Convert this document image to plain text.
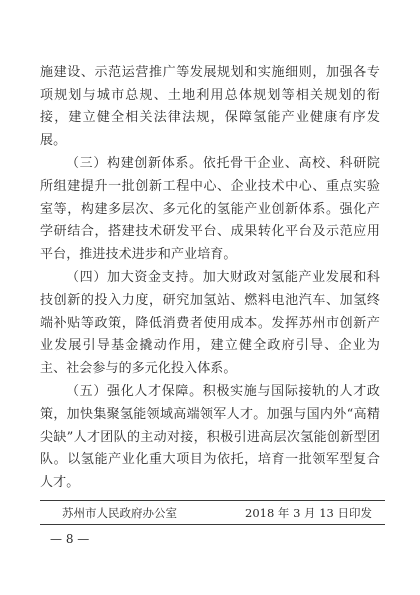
施建设、示范运营推广等发展规划和实施细则，加强各专项规划与城市总规、土地利用总体规划等相关规划的衔接，建立健全相关法律法规，保障氢能产业健康有序发展。

（三）构建创新体系。依托骨干企业、高校、科研院所组建提升一批创新工程中心、企业技术中心、重点实验室等，构建多层次、多元化的氢能产业创新体系。强化产学研结合，搭建技术研发平台、成果转化平台及示范应用平台，推进技术进步和产业培育。

（四）加大资金支持。加大财政对氢能产业发展和科技创新的投入力度，研究加氢站、燃料电池汽车、加氢终端补贴等政策，降低消费者使用成本。发挥苏州市创新产业发展引导基金撬动作用，建立健全政府引导、企业为主、社会参与的多元化投入体系。

（五）强化人才保障。积极实施与国际接轨的人才政策，加快集聚氢能领域高端领军人才。加强与国内外“高精尖缺”人才团队的主动对接，积极引进高层次氢能创新型团队。以氢能产业化重大项目为依托，培育一批领军型复合人才。

苏州市人民政府办公室	2018 年 3 月 13 日印发
— 8 —
